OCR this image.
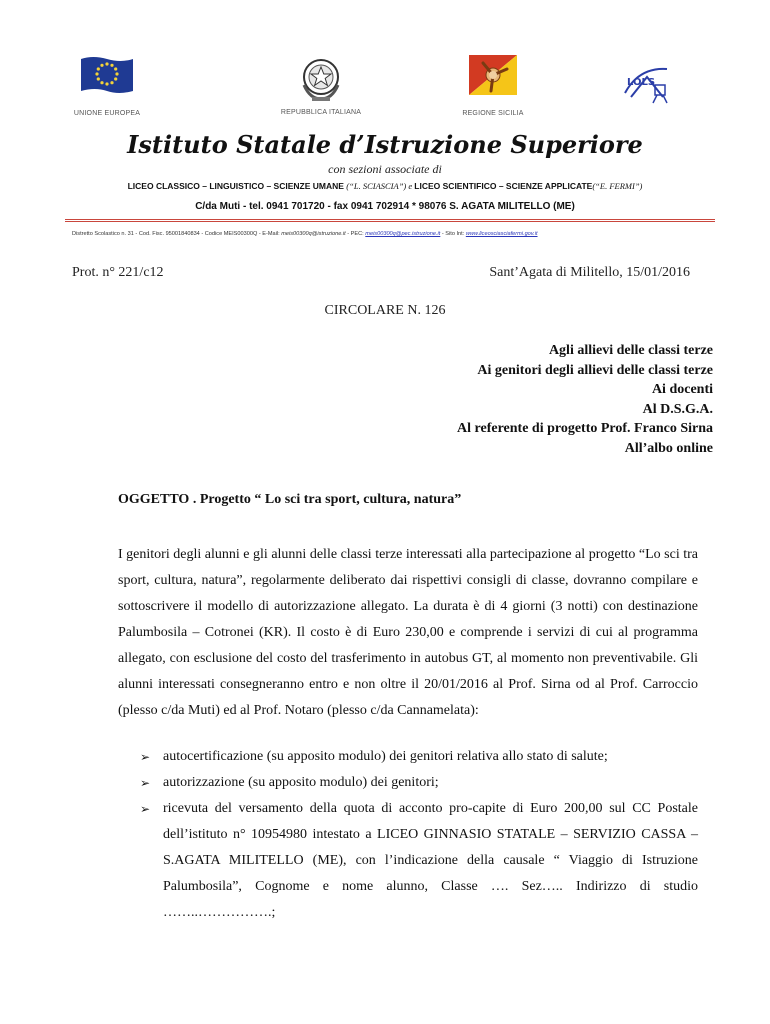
UNIONE EUROPEA	REPUBBLICA ITALIANA	REGIONE SICILIA
LOLS
Istituto Statale d’Istruzione Superiore
con sezioni associate di
LICEO CLASSICO – LINGUISTICO – SCIENZE UMANE (“L. SCIASCIA”) e LICEO SCIENTIFICO – SCIENZE APPLICATE(“E. FERMI”)
C/da Muti - tel. 0941 701720 - fax 0941 702914 * 98076 S. AGATA MILITELLO (ME)
Distretto Scolastico n. 31 - Cod. Fisc. 95001840834 - Codice MEIS00300Q - E-Mail: meis00300q@istruzione.it - PEC: meis00300q@pec.istruzione.it - Sito Int: www.liceosciasciafermi.gov.it
Prot. n° 221/c12	Sant’Agata di Militello, 15/01/2016
CIRCOLARE N. 126
Agli allievi delle classi terze
Ai genitori degli allievi delle classi terze
Ai docenti
Al D.S.G.A.
Al referente di progetto Prof. Franco Sirna
All’albo online
OGGETTO . Progetto “ Lo sci tra sport, cultura, natura”
I genitori degli alunni e gli alunni delle classi terze interessati alla partecipazione al progetto “Lo sci tra sport, cultura, natura”, regolarmente deliberato dai rispettivi consigli di classe, dovranno compilare e sottoscrivere il modello di autorizzazione allegato. La durata è di 4 giorni (3 notti) con destinazione Palumbosila – Cotronei (KR). Il costo è di Euro 230,00 e comprende i servizi di cui al programma allegato, con esclusione del costo del trasferimento in autobus GT, al momento non preventivabile. Gli alunni interessati consegneranno entro e non oltre il 20/01/2016 al Prof. Sirna od al Prof. Carroccio (plesso c/da Muti) ed al Prof. Notaro (plesso c/da Cannamelata):
➢ autocertificazione (su apposito modulo) dei genitori relativa allo stato di salute;
➢ autorizzazione (su apposito modulo) dei genitori;
➢ ricevuta del versamento della quota di acconto pro-capite di Euro 200,00 sul CC Postale dell’istituto n° 10954980 intestato a LICEO GINNASIO STATALE – SERVIZIO CASSA – S.AGATA MILITELLO (ME), con l’indicazione della causale “ Viaggio di Istruzione Palumbosila”, Cognome e nome alunno, Classe …. Sez….. Indirizzo di studio ……..…………….;
